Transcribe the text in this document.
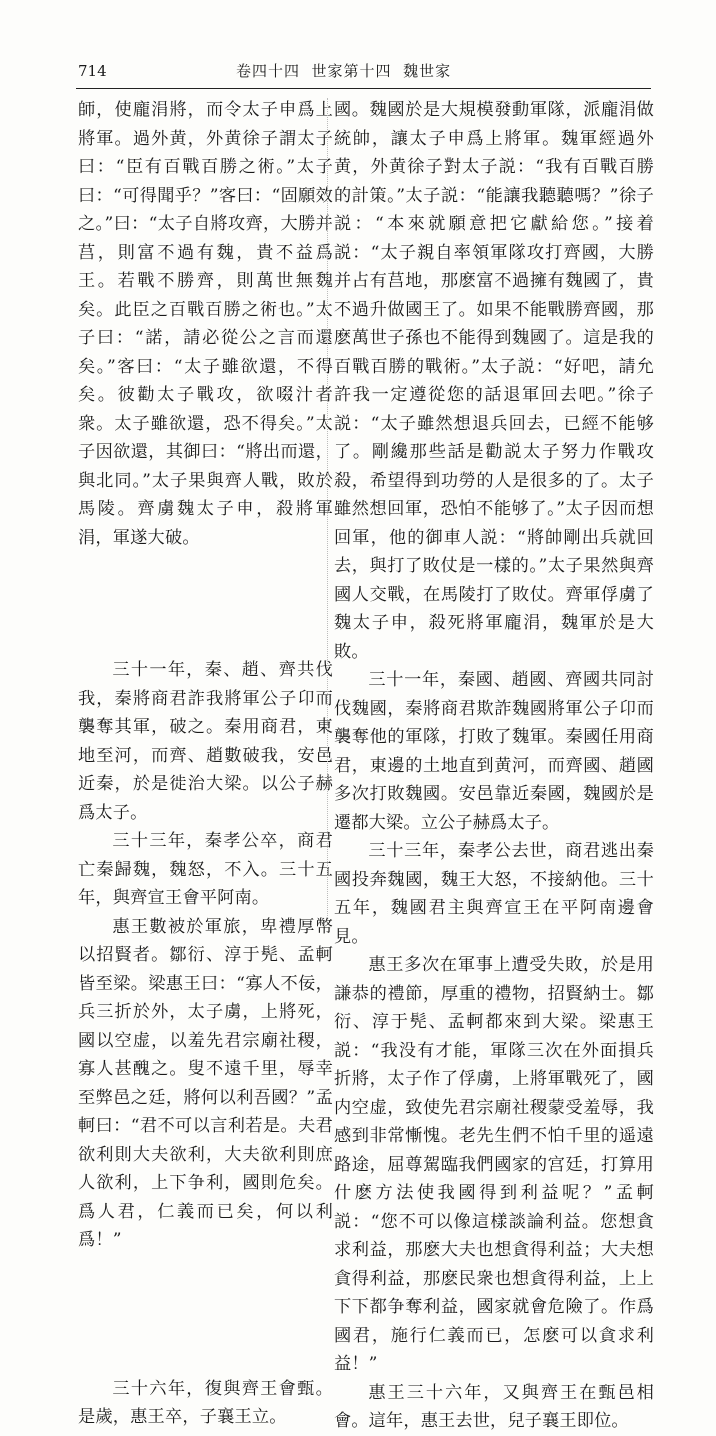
714	卷四十四  世家第十四  魏世家

師，使龐涓將，而令太子申爲上將軍。過外黄，外黄徐子謂太子曰：“臣有百戰百勝之術。”太子曰：“可得聞乎？”客曰：“固願效之。”曰：“太子自將攻齊，大勝并莒，則富不過有魏，貴不益爲王。若戰不勝齊，則萬世無魏矣。此臣之百戰百勝之術也。”太子曰：“諾，請必從公之言而還矣。”客曰：“太子雖欲還，不得矣。彼勸太子戰攻，欲啜汁者衆。太子雖欲還，恐不得矣。”太子因欲還，其御曰：“將出而還，與北同。”太子果與齊人戰，敗於馬陵。齊虜魏太子申，殺將軍涓，軍遂大破。

三十一年，秦、趙、齊共伐我，秦將商君詐我將軍公子卬而襲奪其軍，破之。秦用商君，東地至河，而齊、趙數破我，安邑近秦，於是徙治大梁。以公子赫爲太子。

三十三年，秦孝公卒，商君亡秦歸魏，魏怒，不入。三十五年，與齊宣王會平阿南。

惠王數被於軍旅，卑禮厚幣以招賢者。鄒衍、淳于髡、孟軻皆至梁。梁惠王曰：“寡人不佞，兵三折於外，太子虜，上將死，國以空虚，以羞先君宗廟社稷，寡人甚醜之。叟不遠千里，辱幸至弊邑之廷，將何以利吾國？”孟軻曰：“君不可以言利若是。夫君欲利則大夫欲利，大夫欲利則庶人欲利，上下争利，國則危矣。爲人君，仁義而已矣，何以利爲！”

三十六年，復與齊王會甄。是歲，惠王卒，子襄王立。

國。魏國於是大規模發動軍隊，派龐涓做統帥，讓太子申爲上將軍。魏軍經過外黄，外黄徐子對太子説：“我有百戰百勝的計策。”太子説：“能讓我聽聽嗎？”徐子説：“本來就願意把它獻給您。”接着説：“太子親自率領軍隊攻打齊國，大勝并占有莒地，那麽富不過擁有魏國了，貴不過升做國王了。如果不能戰勝齊國，那麽萬世子孫也不能得到魏國了。這是我的百戰百勝的戰術。”太子説：“好吧，請允許我一定遵從您的話退軍回去吧。”徐子説：“太子雖然想退兵回去，已經不能够了。剛纔那些話是勸説太子努力作戰攻殺，希望得到功勞的人是很多的了。太子雖然想回軍，恐怕不能够了。”太子因而想回軍，他的御車人説：“將帥剛出兵就回去，與打了敗仗是一樣的。”太子果然與齊國人交戰，在馬陵打了敗仗。齊軍俘虜了魏太子申，殺死將軍龐涓，魏軍於是大敗。

三十一年，秦國、趙國、齊國共同討伐魏國，秦將商君欺詐魏國將軍公子卬而襲奪他的軍隊，打敗了魏軍。秦國任用商君，東邊的土地直到黄河，而齊國、趙國多次打敗魏國。安邑靠近秦國，魏國於是遷都大梁。立公子赫爲太子。

三十三年，秦孝公去世，商君逃出秦國投奔魏國，魏王大怒，不接納他。三十五年，魏國君主與齊宣王在平阿南邊會見。

惠王多次在軍事上遭受失敗，於是用謙恭的禮節，厚重的禮物，招賢納士。鄒衍、淳于髡、孟軻都來到大梁。梁惠王説：“我没有才能，軍隊三次在外面損兵折將，太子作了俘虜，上將軍戰死了，國内空虚，致使先君宗廟社稷蒙受羞辱，我感到非常慚愧。老先生們不怕千里的遥遠路途，屈尊駕臨我們國家的宫廷，打算用什麽方法使我國得到利益呢？”孟軻説：“您不可以像這樣談論利益。您想貪求利益，那麽大夫也想貪得利益；大夫想貪得利益，那麽民衆也想貪得利益，上上下下都争奪利益，國家就會危險了。作爲國君，施行仁義而已，怎麽可以貪求利益！”

惠王三十六年，又與齊王在甄邑相會。這年，惠王去世，兒子襄王即位。
